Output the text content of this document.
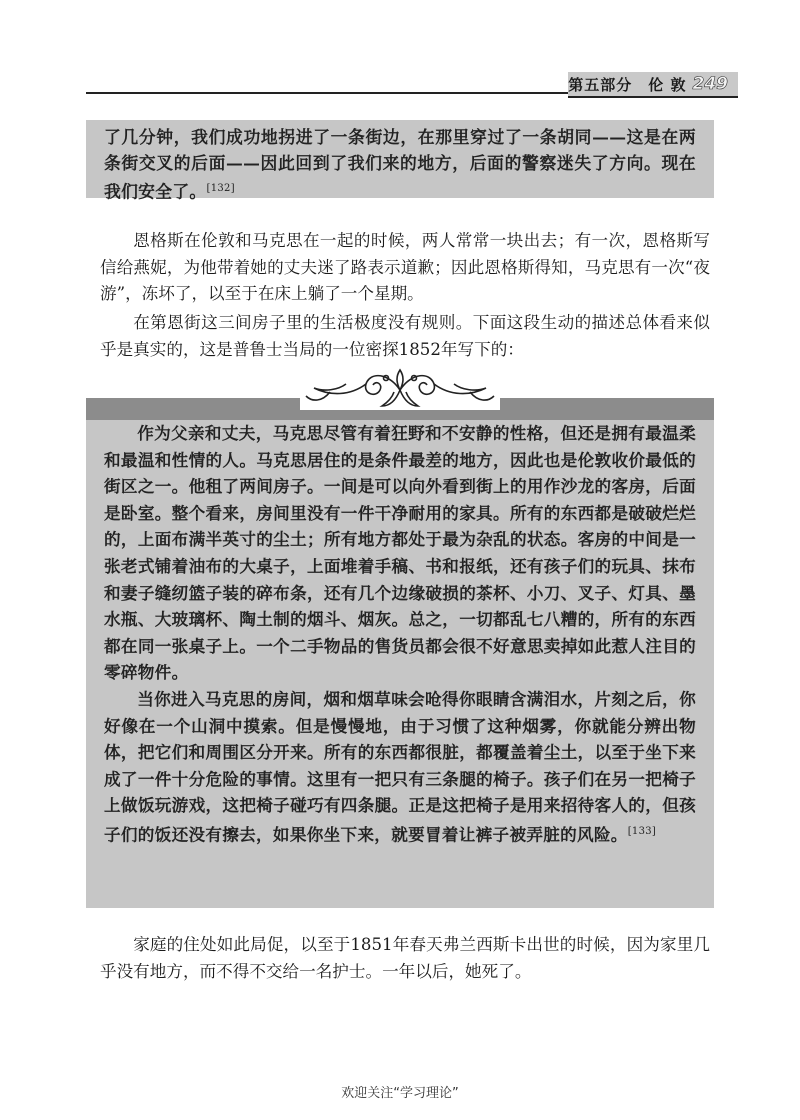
第五部分　伦 敦 249

了几分钟，我们成功地拐进了一条街边，在那里穿过了一条胡同——这是在两条街交叉的后面——因此回到了我们来的地方，后面的警察迷失了方向。现在我们安全了。[132]

恩格斯在伦敦和马克思在一起的时候，两人常常一块出去；有一次，恩格斯写信给燕妮，为他带着她的丈夫迷了路表示道歉；因此恩格斯得知，马克思有一次“夜游”，冻坏了，以至于在床上躺了一个星期。

在第恩街这三间房子里的生活极度没有规则。下面这段生动的描述总体看来似乎是真实的，这是普鲁士当局的一位密探1852年写下的：

作为父亲和丈夫，马克思尽管有着狂野和不安静的性格，但还是拥有最温柔和最温和性情的人。马克思居住的是条件最差的地方，因此也是伦敦收价最低的街区之一。他租了两间房子。一间是可以向外看到街上的用作沙龙的客房，后面是卧室。整个看来，房间里没有一件干净耐用的家具。所有的东西都是破破烂烂的，上面布满半英寸的尘土；所有地方都处于最为杂乱的状态。客房的中间是一张老式铺着油布的大桌子，上面堆着手稿、书和报纸，还有孩子们的玩具、抹布和妻子缝纫篮子装的碎布条，还有几个边缘破损的茶杯、小刀、叉子、灯具、墨水瓶、大玻璃杯、陶土制的烟斗、烟灰。总之，一切都乱七八糟的，所有的东西都在同一张桌子上。一个二手物品的售货员都会很不好意思卖掉如此惹人注目的零碎物件。

当你进入马克思的房间，烟和烟草味会呛得你眼睛含满泪水，片刻之后，你好像在一个山洞中摸索。但是慢慢地，由于习惯了这种烟雾，你就能分辨出物体，把它们和周围区分开来。所有的东西都很脏，都覆盖着尘土，以至于坐下来成了一件十分危险的事情。这里有一把只有三条腿的椅子。孩子们在另一把椅子上做饭玩游戏，这把椅子碰巧有四条腿。正是这把椅子是用来招待客人的，但孩子们的饭还没有擦去，如果你坐下来，就要冒着让裤子被弄脏的风险。[133]

家庭的住处如此局促，以至于1851年春天弗兰西斯卡出世的时候，因为家里几乎没有地方，而不得不交给一名护士。一年以后，她死了。

欢迎关注“学习理论”
